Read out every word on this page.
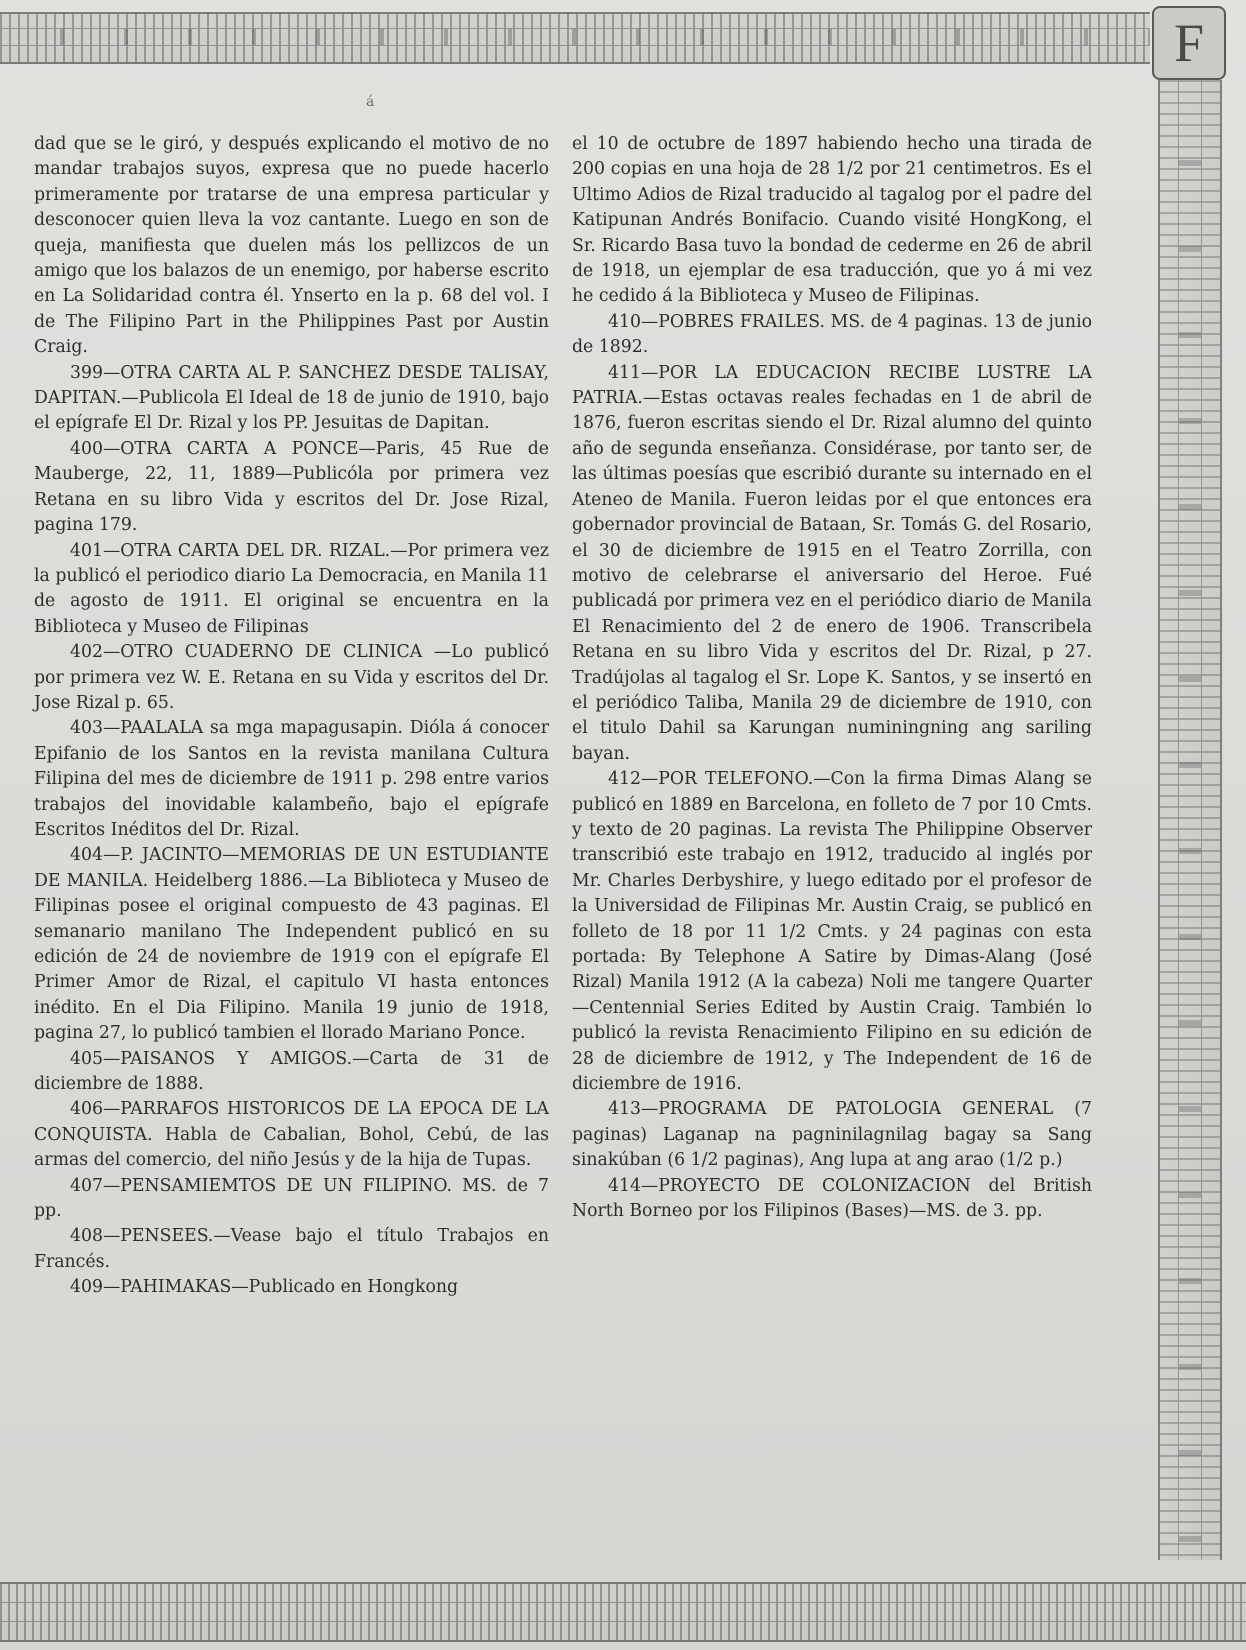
F
á

dad que se le giró, y después explicando el motivo de no mandar trabajos suyos, expresa que no puede hacerlo primeramente por tratarse de una empresa particular y desconocer quien lleva la voz cantante. Luego en son de queja, manifiesta que duelen más los pellizcos de un amigo que los balazos de un enemigo, por haberse escrito en La Solidaridad contra él. Ynserto en la p. 68 del vol. I de The Filipino Part in the Philippines Past por Austin Craig.

399—OTRA CARTA AL P. SANCHEZ DESDE TALISAY, DAPITAN.—Publicola El Ideal de 18 de junio de 1910, bajo el epígrafe El Dr. Rizal y los PP. Jesuitas de Dapitan.

400—OTRA CARTA A PONCE—Paris, 45 Rue de Mauberge, 22, 11, 1889—Publicóla por primera vez Retana en su libro Vida y escritos del Dr. Jose Rizal, pagina 179.

401—OTRA CARTA DEL DR. RIZAL.—Por primera vez la publicó el periodico diario La Democracia, en Manila 11 de agosto de 1911. El original se encuentra en la Biblioteca y Museo de Filipinas

402—OTRO CUADERNO DE CLINICA —Lo publicó por primera vez W. E. Retana en su Vida y escritos del Dr. Jose Rizal p. 65.

403—PAALALA sa mga mapagusapin. Dióla á conocer Epifanio de los Santos en la revista manilana Cultura Filipina del mes de diciembre de 1911 p. 298 entre varios trabajos del inovidable kalambeño, bajo el epígrafe Escritos Inéditos del Dr. Rizal.

404—P. JACINTO—MEMORIAS DE UN ESTUDIANTE DE MANILA. Heidelberg 1886.—La Biblioteca y Museo de Filipinas posee el original compuesto de 43 paginas. El semanario manilano The Independent publicó en su edición de 24 de noviembre de 1919 con el epígrafe El Primer Amor de Rizal, el capitulo VI hasta entonces inédito. En el Dia Filipino. Manila 19 junio de 1918, pagina 27, lo publicó tambien el llorado Mariano Ponce.

405—PAISANOS Y AMIGOS.—Carta de 31 de diciembre de 1888.

406—PARRAFOS HISTORICOS DE LA EPOCA DE LA CONQUISTA. Habla de Cabalian, Bohol, Cebú, de las armas del comercio, del niño Jesús y de la hija de Tupas.

407—PENSAMIEMTOS DE UN FILIPINO. MS. de 7 pp.

408—PENSEES.—Vease bajo el título Trabajos en Francés.

409—PAHIMAKAS—Publicado en Hongkong

el 10 de octubre de 1897 habiendo hecho una tirada de 200 copias en una hoja de 28 1/2 por 21 centimetros. Es el Ultimo Adios de Rizal traducido al tagalog por el padre del Katipunan Andrés Bonifacio. Cuando visité HongKong, el Sr. Ricardo Basa tuvo la bondad de cederme en 26 de abril de 1918, un ejemplar de esa traducción, que yo á mi vez he cedido á la Biblioteca y Museo de Filipinas.

410—POBRES FRAILES. MS. de 4 paginas. 13 de junio de 1892.

411—POR LA EDUCACION RECIBE LUSTRE LA PATRIA.—Estas octavas reales fechadas en 1 de abril de 1876, fueron escritas siendo el Dr. Rizal alumno del quinto año de segunda enseñanza. Considérase, por tanto ser, de las últimas poesías que escribió durante su internado en el Ateneo de Manila. Fueron leidas por el que entonces era gobernador provincial de Bataan, Sr. Tomás G. del Rosario, el 30 de diciembre de 1915 en el Teatro Zorrilla, con motivo de celebrarse el aniversario del Heroe. Fué publicadá por primera vez en el periódico diario de Manila El Renacimiento del 2 de enero de 1906. Transcribela Retana en su libro Vida y escritos del Dr. Rizal, p 27. Tradújolas al tagalog el Sr. Lope K. Santos, y se insertó en el periódico Taliba, Manila 29 de diciembre de 1910, con el titulo Dahil sa Karungan numiningning ang sariling bayan.

412—POR TELEFONO.—Con la firma Dimas Alang se publicó en 1889 en Barcelona, en folleto de 7 por 10 Cmts. y texto de 20 paginas. La revista The Philippine Observer transcribió este trabajo en 1912, traducido al inglés por Mr. Charles Derbyshire, y luego editado por el profesor de la Universidad de Filipinas Mr. Austin Craig, se publicó en folleto de 18 por 11 1/2 Cmts. y 24 paginas con esta portada: By Telephone A Satire by Dimas-Alang (José Rizal) Manila 1912 (A la cabeza) Noli me tangere Quarter—Centennial Series Edited by Austin Craig. También lo publicó la revista Renacimiento Filipino en su edición de 28 de diciembre de 1912, y The Independent de 16 de diciembre de 1916.

413—PROGRAMA DE PATOLOGIA GENERAL (7 paginas) Laganap na pagninilagnilag bagay sa Sang sinakúban (6 1/2 paginas), Ang lupa at ang arao (1/2 p.)

414—PROYECTO DE COLONIZACION del British North Borneo por los Filipinos (Bases)—MS. de 3. pp.
